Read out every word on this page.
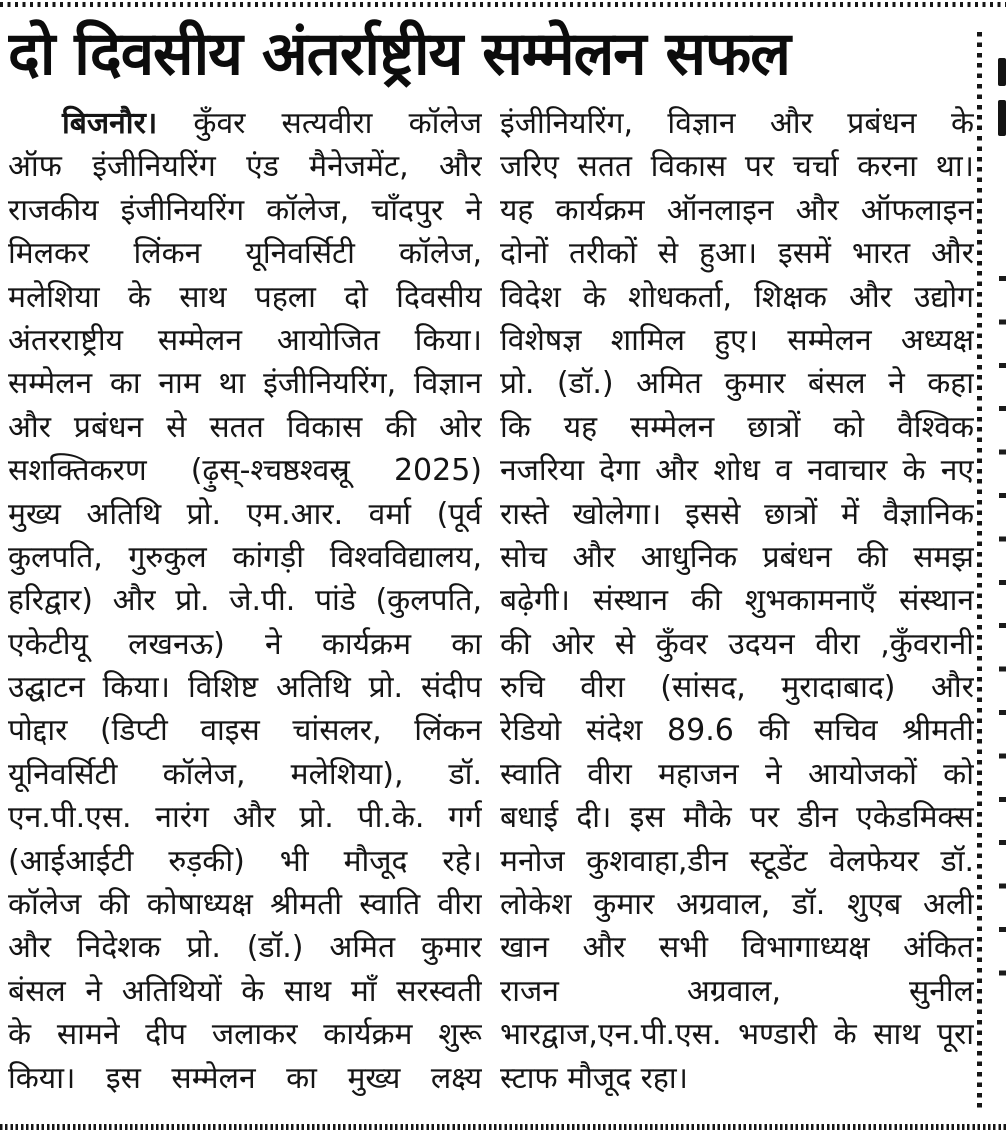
दो दिवसीय अंतर्राष्ट्रीय सम्मेलन सफल

बिजनौर। कुँवर सत्यवीरा कॉलेज

ऑफ इंजीनियरिंग एंड मैनेजमेंट, और

राजकीय इंजीनियरिंग कॉलेज, चाँदपुर ने

मिलकर लिंकन यूनिवर्सिटी कॉलेज,

मलेशिया के साथ पहला दो दिवसीय

अंतरराष्ट्रीय सम्मेलन आयोजित किया।

सम्मेलन का नाम था इंजीनियरिंग, विज्ञान

और प्रबंधन से सतत विकास की ओर

सशक्तिकरण (ढ़ुस्-श्चष्ठश्वस्रू 2025)

मुख्य अतिथि प्रो. एम.आर. वर्मा (पूर्व

कुलपति, गुरुकुल कांगड़ी विश्वविद्यालय,

हरिद्वार) और प्रो. जे.पी. पांडे (कुलपति,

एकेटीयू लखनऊ) ने कार्यक्रम का

उद्घाटन किया। विशिष्ट अतिथि प्रो. संदीप

पोद्दार (डिप्टी वाइस चांसलर, लिंकन

यूनिवर्सिटी कॉलेज, मलेशिया), डॉ.

एन.पी.एस. नारंग और प्रो. पी.के. गर्ग

(आईआईटी रुड़की) भी मौजूद रहे।

कॉलेज की कोषाध्यक्ष श्रीमती स्वाति वीरा

और निदेशक प्रो. (डॉ.) अमित कुमार

बंसल ने अतिथियों के साथ माँ सरस्वती

के सामने दीप जलाकर कार्यक्रम शुरू

किया। इस सम्मेलन का मुख्य लक्ष्य

इंजीनियरिंग, विज्ञान और प्रबंधन के

जरिए सतत विकास पर चर्चा करना था।

यह कार्यक्रम ऑनलाइन और ऑफलाइन

दोनों तरीकों से हुआ। इसमें भारत और

विदेश के शोधकर्ता, शिक्षक और उद्योग

विशेषज्ञ शामिल हुए। सम्मेलन अध्यक्ष

प्रो. (डॉ.) अमित कुमार बंसल ने कहा

कि यह सम्मेलन छात्रों को वैश्विक

नजरिया देगा और शोध व नवाचार के नए

रास्ते खोलेगा। इससे छात्रों में वैज्ञानिक

सोच और आधुनिक प्रबंधन की समझ

बढ़ेगी। संस्थान की शुभकामनाएँ संस्थान

की ओर से कुँवर उदयन वीरा ,कुँवरानी

रुचि वीरा (सांसद, मुरादाबाद) और

रेडियो संदेश 89.6 की सचिव श्रीमती

स्वाति वीरा महाजन ने आयोजकों को

बधाई दी। इस मौके पर डीन एकेडमिक्स

मनोज कुशवाहा,डीन स्टूडेंट वेलफेयर डॉ.

लोकेश कुमार अग्रवाल, डॉ. शुएब अली

खान और सभी विभागाध्यक्ष अंकित

राजन अग्रवाल, सुनील

भारद्वाज,एन.पी.एस. भण्डारी के साथ पूरा

स्टाफ मौजूद रहा।
